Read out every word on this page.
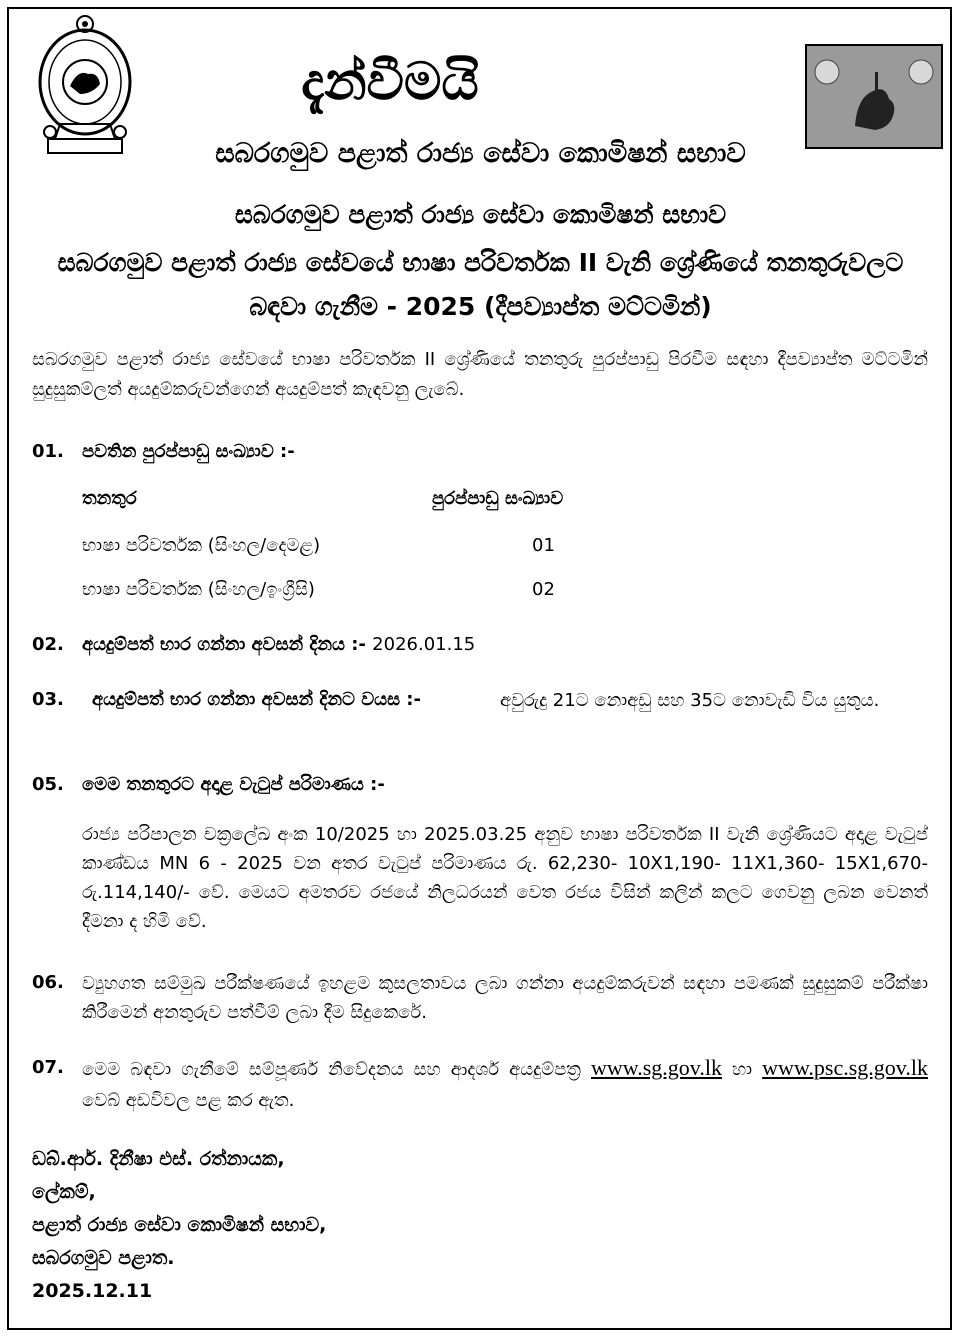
දැන්වීමයි
සබරගමුව පළාත් රාජ්‍ය සේවා කොමිෂන් සභාව
සබරගමුව පළාත් රාජ්‍ය සේවා කොමිෂන් සභාව
සබරගමුව පළාත් රාජ්‍ය සේවයේ භාෂා පරිවර්තක II වැනි ශ්‍රේණියේ තනතුරුවලට
බඳවා ගැනීම - 2025 (දීපව්‍යාප්ත මට්ටමින්)
සබරගමුව පළාත් රාජ්‍ය සේවයේ භාෂා පරිවර්තක II ශ්‍රේණියේ තනතුරු පුරප්පාඩු පිරවීම සඳහා දීපව්‍යාප්ත මට්ටමින් සුදුසුකම්ලත් අයදුම්කරුවන්ගෙන් අයදුම්පත් කැඳවනු ලැබේ.
01. පවතින පුරප්පාඩු සංඛ්‍යාව :-
තනතුර	පුරප්පාඩු සංඛ්‍යාව
භාෂා පරිවර්තක (සිංහල/දෙමළ)	01
භාෂා පරිවර්තක (සිංහල/ඉංග්‍රීසි)	02
02. අයදුම්පත් භාර ගන්නා අවසන් දිනය :- 2026.01.15
03. අයදුම්පත් භාර ගන්නා අවසන් දිනට වයස :-	අවුරුදු 21ට නොඅඩු සහ 35ට නොවැඩි විය යුතුය.
05. මෙම තනතුරට අදාළ වැටුප් පරිමාණය :-
රාජ්‍ය පරිපාලන චක්‍රලේඛ අංක 10/2025 හා 2025.03.25 අනුව භාෂා පරිවර්තක II වැනි ශ්‍රේණියට අදාළ වැටුප් කාණ්ඩය MN 6 - 2025 වන අතර වැටුප් පරිමාණය රු. 62,230- 10X1,190- 11X1,360- 15X1,670- රු.114,140/- වේ. මෙයට අමතරව රජයේ නිලධරයන් වෙත රජය විසින් කලින් කලට ගෙවනු ලබන වෙනත් දීමනා ද හිමි වේ.
06. ව්‍යුහගත සම්මුඛ පරීක්ෂණයේ ඉහළම කුසලතාවය ලබා ගන්නා අයදුම්කරුවන් සඳහා පමණක් සුදුසුකම් පරීක්ෂා කිරීමෙන් අනතුරුව පත්වීම් ලබා දීම සිදුකෙරේ.
07. මෙම බඳවා ගැනීමේ සම්පූර්ණ නිවේදනය සහ ආදර්ශ අයදුම්පත්‍ර www.sg.gov.lk හා www.psc.sg.gov.lk වෙබ් අඩවිවල පළ කර ඇත.
ඩබ්.ආර්. දිනීෂා එස්. රත්නායක,
ලේකම්,
පළාත් රාජ්‍ය සේවා කොමිෂන් සභාව,
සබරගමුව පළාත.
2025.12.11
